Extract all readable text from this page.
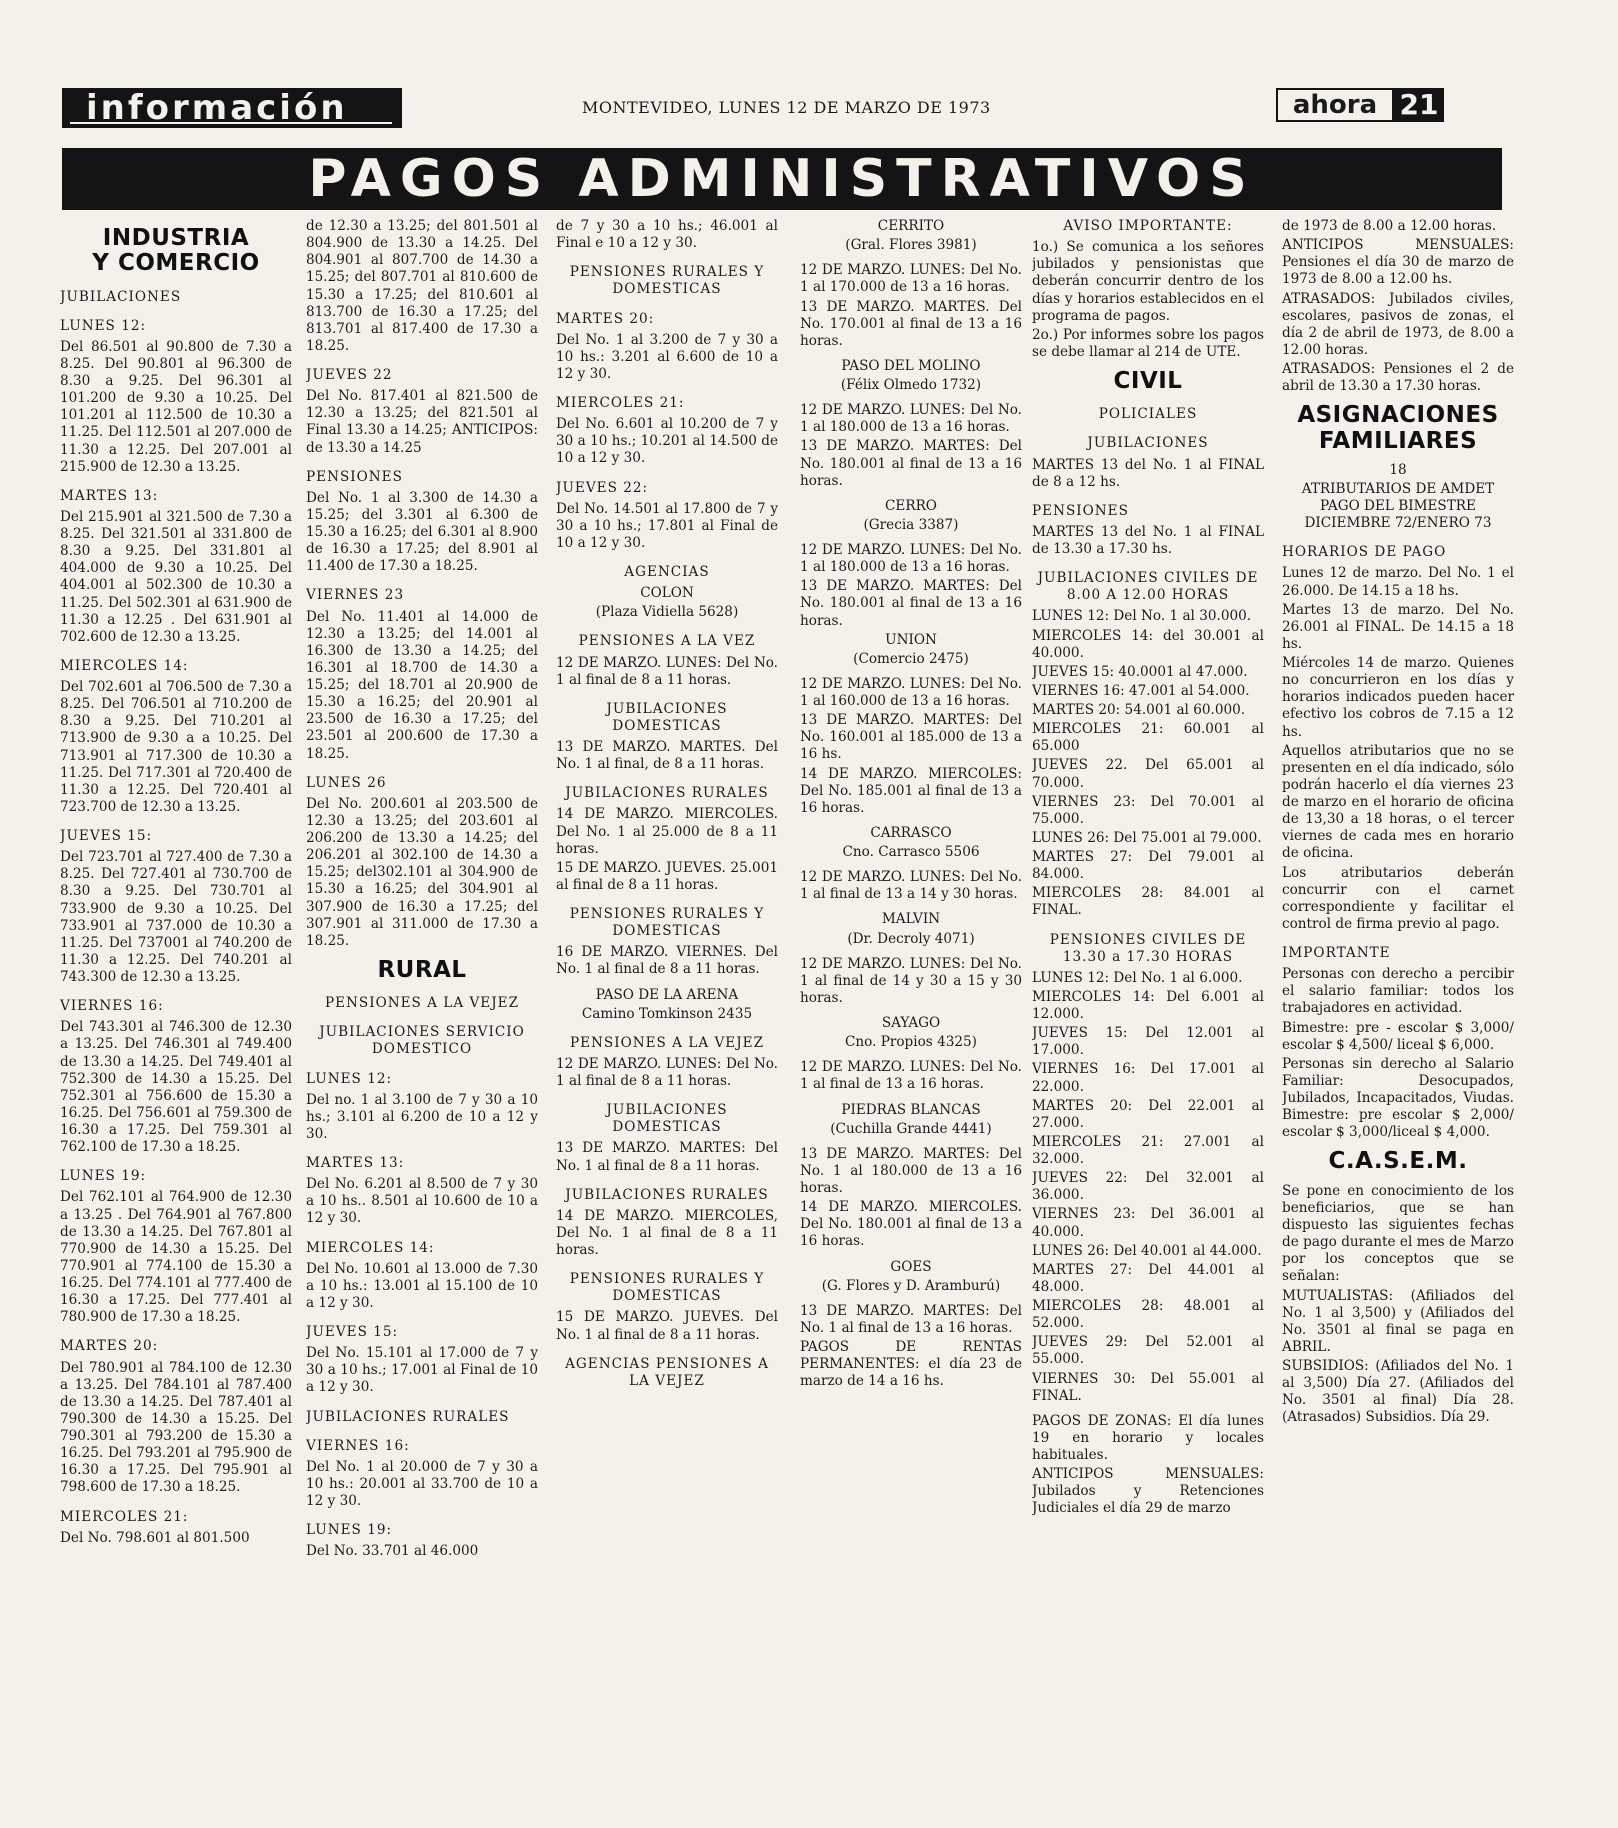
información	MONTEVIDEO, LUNES 12 DE MARZO DE 1973	ahora 21
PAGOS ADMINISTRATIVOS
INDUSTRIA
Y COMERCIO
JUBILACIONES
LUNES 12:

Del 86.501 al 90.800 de 7.30 a 8.25. Del 90.801 al 96.300 de 8.30 a 9.25. Del 96.301 al 101.200 de 9.30 a 10.25. Del 101.201 al 112.500 de 10.30 a 11.25. Del 112.501 al 207.000 de 11.30 a 12.25. Del 207.001 al 215.900 de 12.30 a 13.25.

MARTES 13:

Del 215.901 al 321.500 de 7.30 a 8.25. Del 321.501 al 331.800 de 8.30 a 9.25. Del 331.801 al 404.000 de 9.30 a 10.25. Del 404.001 al 502.300 de 10.30 a 11.25. Del 502.301 al 631.900 de 11.30 a 12.25 . Del 631.901 al 702.600 de 12.30 a 13.25.

MIERCOLES 14:

Del 702.601 al 706.500 de 7.30 a 8.25. Del 706.501 al 710.200 de 8.30 a 9.25. Del 710.201 al 713.900 de 9.30 a a 10.25. Del 713.901 al 717.300 de 10.30 a 11.25. Del 717.301 al 720.400 de 11.30 a 12.25. Del 720.401 al 723.700 de 12.30 a 13.25.

JUEVES 15:

Del 723.701 al 727.400 de 7.30 a 8.25. Del 727.401 al 730.700 de 8.30 a 9.25. Del 730.701 al 733.900 de 9.30 a 10.25. Del 733.901 al 737.000 de 10.30 a 11.25. Del 737001 al 740.200 de 11.30 a 12.25. Del 740.201 al 743.300 de 12.30 a 13.25.

VIERNES 16:

Del 743.301 al 746.300 de 12.30 a 13.25. Del 746.301 al 749.400 de 13.30 a 14.25. Del 749.401 al 752.300 de 14.30 a 15.25. Del 752.301 al 756.600 de 15.30 a 16.25. Del 756.601 al 759.300 de 16.30 a 17.25. Del 759.301 al 762.100 de 17.30 a 18.25.

LUNES 19:

Del 762.101 al 764.900 de 12.30 a 13.25 . Del 764.901 al 767.800 de 13.30 a 14.25. Del 767.801 al 770.900 de 14.30 a 15.25. Del 770.901 al 774.100 de 15.30 a 16.25. Del 774.101 al 777.400 de 16.30 a 17.25. Del 777.401 al 780.900 de 17.30 a 18.25.

MARTES 20:

Del 780.901 al 784.100 de 12.30 a 13.25. Del 784.101 al 787.400 de 13.30 a 14.25. Del 787.401 al 790.300 de 14.30 a 15.25. Del 790.301 al 793.200 de 15.30 a 16.25. Del 793.201 al 795.900 de 16.30 a 17.25. Del 795.901 al 798.600 de 17.30 a 18.25.

MIERCOLES 21:

Del No. 798.601 al 801.500

de 12.30 a 13.25; del 801.501 al 804.900 de 13.30 a 14.25. Del 804.901 al 807.700 de 14.30 a 15.25; del 807.701 al 810.600 de 15.30 a 17.25; del 810.601 al 813.700 de 16.30 a 17.25; del 813.701 al 817.400 de 17.30 a 18.25.

JUEVES 22

Del No. 817.401 al 821.500 de 12.30 a 13.25; del 821.501 al Final 13.30 a 14.25; ANTICIPOS: de 13.30 a 14.25

PENSIONES

Del No. 1 al 3.300 de 14.30 a 15.25; del 3.301 al 6.300 de 15.30 a 16.25; del 6.301 al 8.900 de 16.30 a 17.25; del 8.901 al 11.400 de 17.30 a 18.25.

VIERNES 23

Del No. 11.401 al 14.000 de 12.30 a 13.25; del 14.001 al 16.300 de 13.30 a 14.25; del 16.301 al 18.700 de 14.30 a 15.25; del 18.701 al 20.900 de 15.30 a 16.25; del 20.901 al 23.500 de 16.30 a 17.25; del 23.501 al 200.600 de 17.30 a 18.25.

LUNES 26

Del No. 200.601 al 203.500 de 12.30 a 13.25; del 203.601 al 206.200 de 13.30 a 14.25; del 206.201 al 302.100 de 14.30 a 15.25; del302.101 al 304.900 de 15.30 a 16.25; del 304.901 al 307.900 de 16.30 a 17.25; del 307.901 al 311.000 de 17.30 a 18.25.

RURAL
PENSIONES A LA VEJEZ
JUBILACIONES SERVICIO DOMESTICO
LUNES 12:

Del no. 1 al 3.100 de 7 y 30 a 10 hs.; 3.101 al 6.200 de 10 a 12 y 30.

MARTES 13:

Del No. 6.201 al 8.500 de 7 y 30 a 10 hs.. 8.501 al 10.600 de 10 a 12 y 30.

MIERCOLES 14:

Del No. 10.601 al 13.000 de 7.30 a 10 hs.: 13.001 al 15.100 de 10 a 12 y 30.

JUEVES 15:

Del No. 15.101 al 17.000 de 7 y 30 a 10 hs.; 17.001 al Final de 10 a 12 y 30.

JUBILACIONES RURALES
VIERNES 16:

Del No. 1 al 20.000 de 7 y 30 a 10 hs.: 20.001 al 33.700 de 10 a 12 y 30.

LUNES 19:

Del No. 33.701 al 46.000

de 7 y 30 a 10 hs.; 46.001 al Final e 10 a 12 y 30.

PENSIONES RURALES Y DOMESTICAS
MARTES 20:

Del No. 1 al 3.200 de 7 y 30 a 10 hs.: 3.201 al 6.600 de 10 a 12 y 30.

MIERCOLES 21:

Del No. 6.601 al 10.200 de 7 y 30 a 10 hs.; 10.201 al 14.500 de 10 a 12 y 30.

JUEVES 22:

Del No. 14.501 al 17.800 de 7 y 30 a 10 hs.; 17.801 al Final de 10 a 12 y 30.

AGENCIAS

COLON

(Plaza Vidiella 5628)

PENSIONES A LA VEZ

12 DE MARZO. LUNES: Del No. 1 al final de 8 a 11 horas.

JUBILACIONES DOMESTICAS

13 DE MARZO. MARTES. Del No. 1 al final, de 8 a 11 horas.

JUBILACIONES RURALES

14 DE MARZO. MIERCOLES. Del No. 1 al 25.000 de 8 a 11 horas.

15 DE MARZO. JUEVES. 25.001 al final de 8 a 11 horas.

PENSIONES RURALES Y DOMESTICAS

16 DE MARZO. VIERNES. Del No. 1 al final de 8 a 11 horas.

PASO DE LA ARENA

Camino Tomkinson 2435

PENSIONES A LA VEJEZ

12 DE MARZO. LUNES: Del No. 1 al final de 8 a 11 horas.

JUBILACIONES DOMESTICAS

13 DE MARZO. MARTES: Del No. 1 al final de 8 a 11 horas.

JUBILACIONES RURALES

14 DE MARZO. MIERCOLES, Del No. 1 al final de 8 a 11 horas.

PENSIONES RURALES Y DOMESTICAS

15 DE MARZO. JUEVES. Del No. 1 al final de 8 a 11 horas.

AGENCIAS PENSIONES A LA VEJEZ

CERRITO

(Gral. Flores 3981)

12 DE MARZO. LUNES: Del No. 1 al 170.000 de 13 a 16 horas.

13 DE MARZO. MARTES. Del No. 170.001 al final de 13 a 16 horas.

PASO DEL MOLINO

(Félix Olmedo 1732)

12 DE MARZO. LUNES: Del No. 1 al 180.000 de 13 a 16 horas.

13 DE MARZO. MARTES: Del No. 180.001 al final de 13 a 16 horas.

CERRO

(Grecia 3387)

12 DE MARZO. LUNES: Del No. 1 al 180.000 de 13 a 16 horas.

13 DE MARZO. MARTES: Del No. 180.001 al final de 13 a 16 horas.

UNION

(Comercio 2475)

12 DE MARZO. LUNES: Del No. 1 al 160.000 de 13 a 16 horas.

13 DE MARZO. MARTES: Del No. 160.001 al 185.000 de 13 a 16 hs.

14 DE MARZO. MIERCOLES: Del No. 185.001 al final de 13 a 16 horas.

CARRASCO

Cno. Carrasco 5506

12 DE MARZO. LUNES: Del No. 1 al final de 13 a 14 y 30 horas.

MALVIN

(Dr. Decroly 4071)

12 DE MARZO. LUNES: Del No. 1 al final de 14 y 30 a 15 y 30 horas.

SAYAGO

Cno. Propios 4325)

12 DE MARZO. LUNES: Del No. 1 al final de 13 a 16 horas.

PIEDRAS BLANCAS

(Cuchilla Grande 4441)

13 DE MARZO. MARTES: Del No. 1 al 180.000 de 13 a 16 horas.

14 DE MARZO. MIERCOLES. Del No. 180.001 al final de 13 a 16 horas.

GOES

(G. Flores y D. Aramburú)

13 DE MARZO. MARTES: Del No. 1 al final de 13 a 16 horas.

PAGOS DE RENTAS PERMANENTES: el día 23 de marzo de 14 a 16 hs.

AVISO IMPORTANTE:

1o.) Se comunica a los señores jubilados y pensionistas que deberán concurrir dentro de los días y horarios establecidos en el programa de pagos.

2o.) Por informes sobre los pagos se debe llamar al 214 de UTE.

CIVIL
POLICIALES
JUBILACIONES

MARTES 13 del No. 1 al FINAL de 8 a 12 hs.

PENSIONES

MARTES 13 del No. 1 al FINAL de 13.30 a 17.30 hs.

JUBILACIONES CIVILES DE 8.00 A 12.00 HORAS

LUNES 12: Del No. 1 al 30.000.

MIERCOLES 14: del 30.001 al 40.000.

JUEVES 15: 40.0001 al 47.000.

VIERNES 16: 47.001 al 54.000.

MARTES 20: 54.001 al 60.000.

MIERCOLES 21: 60.001 al 65.000

JUEVES 22. Del 65.001 al 70.000.

VIERNES 23: Del 70.001 al 75.000.

LUNES 26: Del 75.001 al 79.000.

MARTES 27: Del 79.001 al 84.000.

MIERCOLES 28: 84.001 al FINAL.

PENSIONES CIVILES DE 13.30 a 17.30 HORAS

LUNES 12: Del No. 1 al 6.000.

MIERCOLES 14: Del 6.001 al 12.000.

JUEVES 15: Del 12.001 al 17.000.

VIERNES 16: Del 17.001 al 22.000.

MARTES 20: Del 22.001 al 27.000.

MIERCOLES 21: 27.001 al 32.000.

JUEVES 22: Del 32.001 al 36.000.

VIERNES 23: Del 36.001 al 40.000.

LUNES 26: Del 40.001 al 44.000.

MARTES 27: Del 44.001 al 48.000.

MIERCOLES 28: 48.001 al 52.000.

JUEVES 29: Del 52.001 al 55.000.

VIERNES 30: Del 55.001 al FINAL.

PAGOS DE ZONAS: El día lunes 19 en horario y locales habituales.

ANTICIPOS MENSUALES: Jubilados y Retenciones Judiciales el día 29 de marzo

de 1973 de 8.00 a 12.00 horas.

ANTICIPOS MENSUALES: Pensiones el día 30 de marzo de 1973 de 8.00 a 12.00 hs.

ATRASADOS: Jubilados civiles, escolares, pasivos de zonas, el día 2 de abril de 1973, de 8.00 a 12.00 horas.

ATRASADOS: Pensiones el 2 de abril de 13.30 a 17.30 horas.

ASIGNACIONES
FAMILIARES

18

ATRIBUTARIOS DE AMDET PAGO DEL BIMESTRE DICIEMBRE 72/ENERO 73

HORARIOS DE PAGO

Lunes 12 de marzo. Del No. 1 el 26.000. De 14.15 a 18 hs.

Martes 13 de marzo. Del No. 26.001 al FINAL. De 14.15 a 18 hs.

Miércoles 14 de marzo. Quienes no concurrieron en los días y horarios indicados pueden hacer efectivo los cobros de 7.15 a 12 hs.

Aquellos atributarios que no se presenten en el día indicado, sólo podrán hacerlo el día viernes 23 de marzo en el horario de oficina de 13,30 a 18 horas, o el tercer viernes de cada mes en horario de oficina.

Los atributarios deberán concurrir con el carnet correspondiente y facilitar el control de firma previo al pago.

IMPORTANTE

Personas con derecho a percibir el salario familiar: todos los trabajadores en actividad.

Bimestre: pre - escolar $ 3,000/ escolar $ 4,500/ liceal $ 6,000.

Personas sin derecho al Salario Familiar: Desocupados, Jubilados, Incapacitados, Viudas. Bimestre: pre escolar $ 2,000/ escolar $ 3,000/liceal $ 4,000.

C.A.S.E.M.

Se pone en conocimiento de los beneficiarios, que se han dispuesto las siguientes fechas de pago durante el mes de Marzo por los conceptos que se señalan:

MUTUALISTAS: (Afiliados del No. 1 al 3,500) y (Afiliados del No. 3501 al final se paga en ABRIL.

SUBSIDIOS: (Afiliados del No. 1 al 3,500) Día 27. (Afiliados del No. 3501 al final) Día 28. (Atrasados) Subsidios. Día 29.
